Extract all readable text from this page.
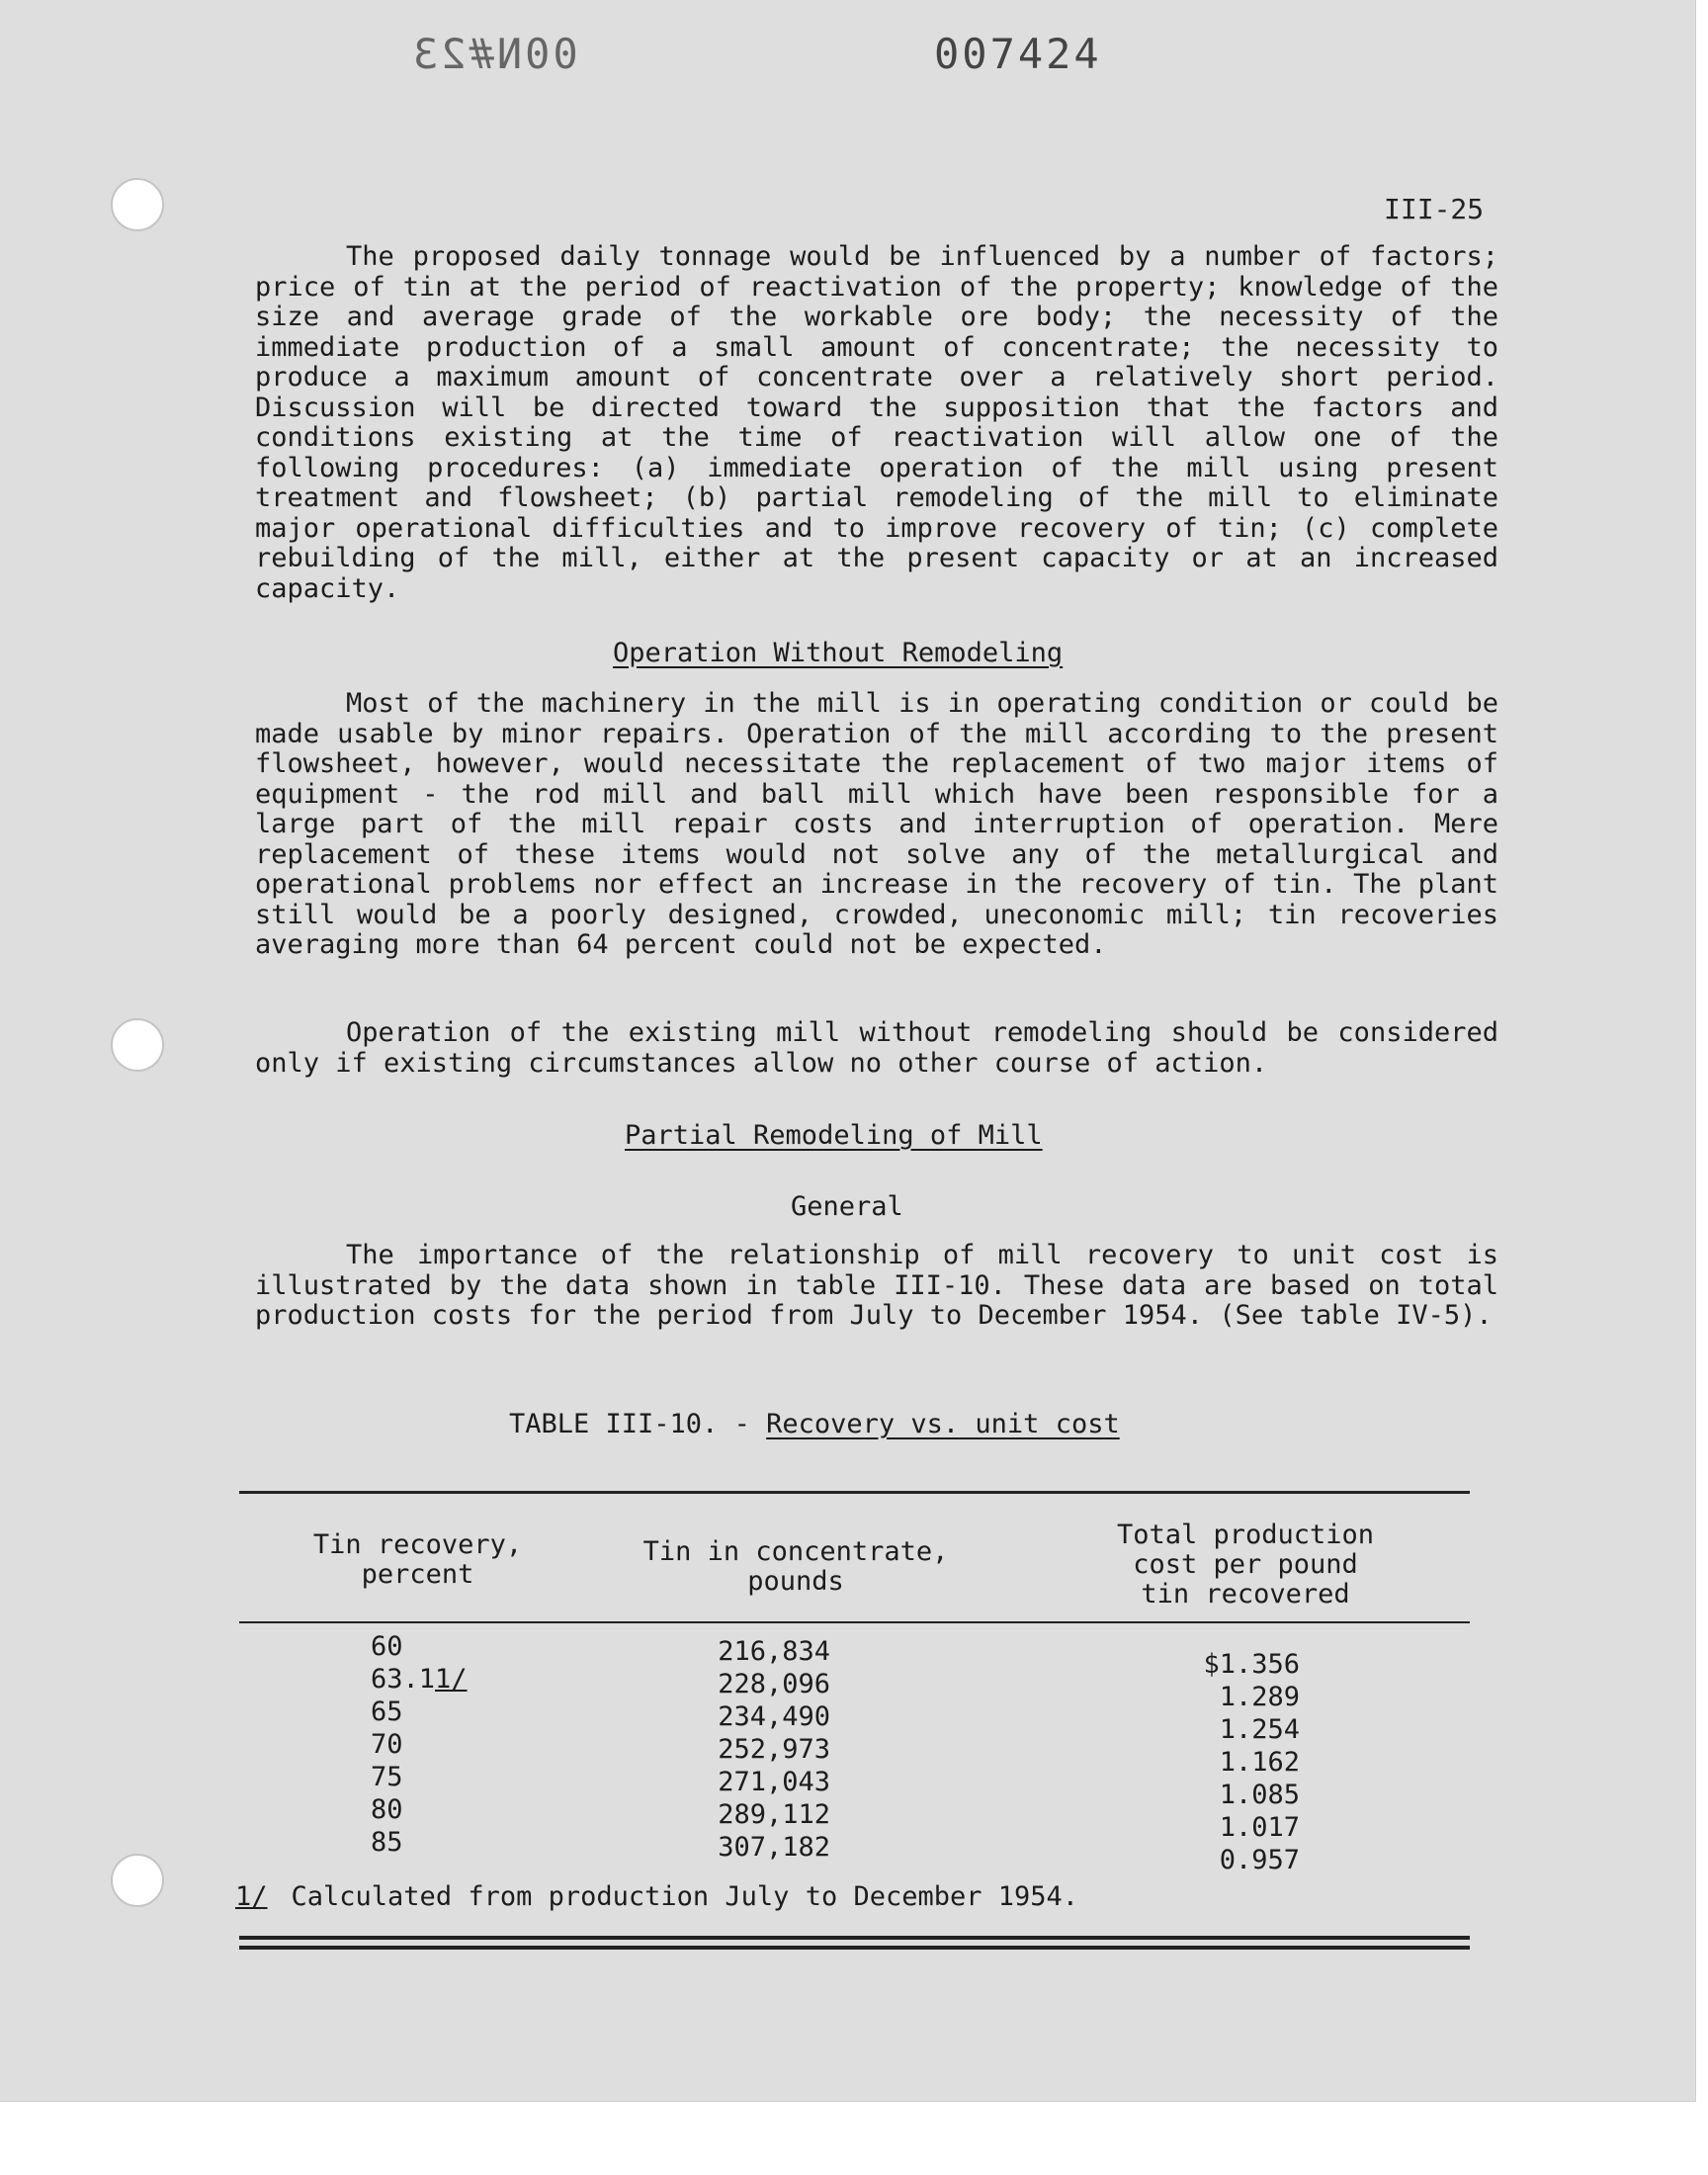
00N#23	007424
III-25

The proposed daily tonnage would be influenced by a number of factors; price of tin at the period of reactivation of the property; knowledge of the size and average grade of the workable ore body; the necessity of the immediate production of a small amount of concentrate; the necessity to produce a maximum amount of concentrate over a relatively short period. Discussion will be directed toward the supposition that the factors and conditions existing at the time of reactivation will allow one of the following procedures: (a) immediate operation of the mill using present treatment and flowsheet; (b) partial remodeling of the mill to eliminate major operational difficulties and to improve recovery of tin; (c) complete rebuilding of the mill, either at the present capacity or at an increased capacity.

Operation Without Remodeling

Most of the machinery in the mill is in operating condition or could be made usable by minor repairs. Operation of the mill according to the present flowsheet, however, would necessitate the replacement of two major items of equipment - the rod mill and ball mill which have been responsible for a large part of the mill repair costs and interruption of operation. Mere replacement of these items would not solve any of the metallurgical and operational problems nor effect an increase in the recovery of tin. The plant still would be a poorly designed, crowded, uneconomic mill; tin recoveries averaging more than 64 percent could not be expected.

Operation of the existing mill without remodeling should be considered only if existing circumstances allow no other course of action.

Partial Remodeling of Mill
General

The importance of the relationship of mill recovery to unit cost is illustrated by the data shown in table III-10. These data are based on total production costs for the period from July to December 1954. (See table IV-5).

TABLE III-10. - Recovery vs. unit cost
Tin recovery,
percent
Tin in concentrate,
pounds
Total production
cost per pound
tin recovered
60	216,834	$1.356
63.11/	228,096	1.289
65	234,490	1.254
70	252,973	1.162
75	271,043	1.085
80	289,112	1.017
85	307,182	0.957
1/ Calculated from production July to December 1954.
